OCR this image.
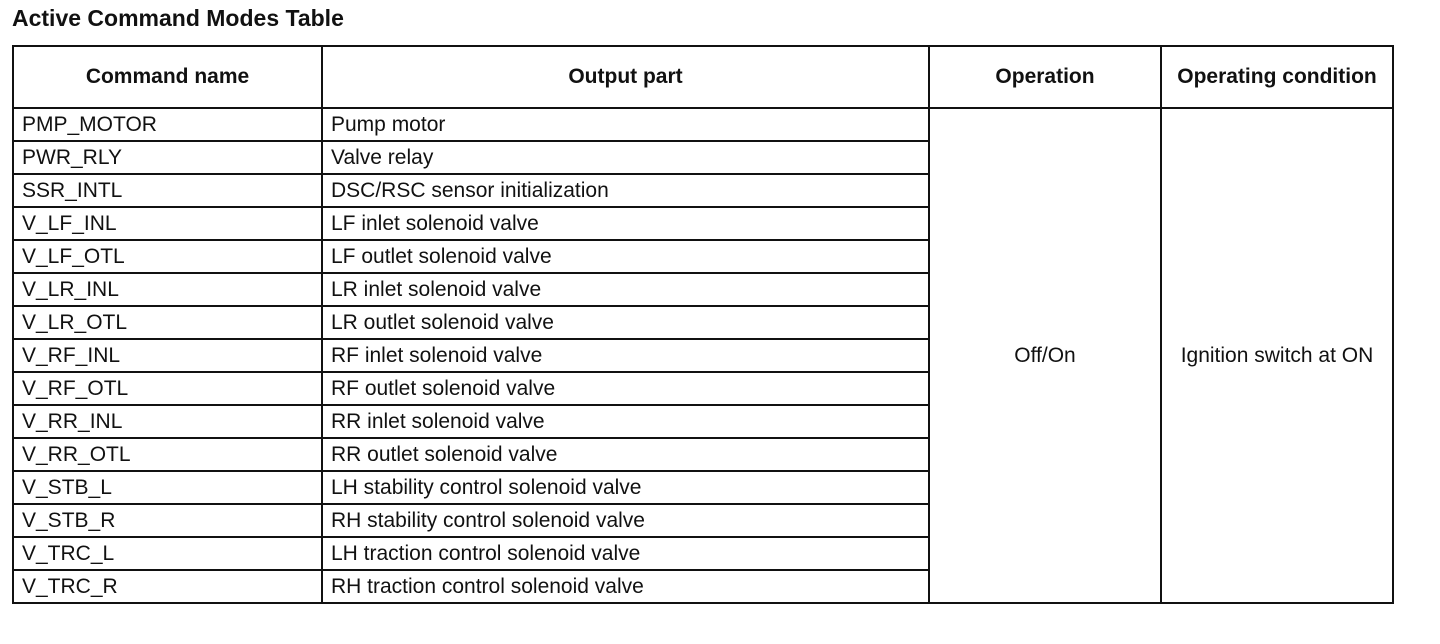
Active Command Modes Table
Command name	Output part	Operation	Operating condition
PMP_MOTOR	Pump motor	Off/On	Ignition switch at ON
PWR_RLY	Valve relay		
SSR_INTL	DSC/RSC sensor initialization		
V_LF_INL	LF inlet solenoid valve		
V_LF_OTL	LF outlet solenoid valve		
V_LR_INL	LR inlet solenoid valve		
V_LR_OTL	LR outlet solenoid valve		
V_RF_INL	RF inlet solenoid valve		
V_RF_OTL	RF outlet solenoid valve		
V_RR_INL	RR inlet solenoid valve		
V_RR_OTL	RR outlet solenoid valve		
V_STB_L	LH stability control solenoid valve		
V_STB_R	RH stability control solenoid valve		
V_TRC_L	LH traction control solenoid valve		
V_TRC_R	RH traction control solenoid valve		
